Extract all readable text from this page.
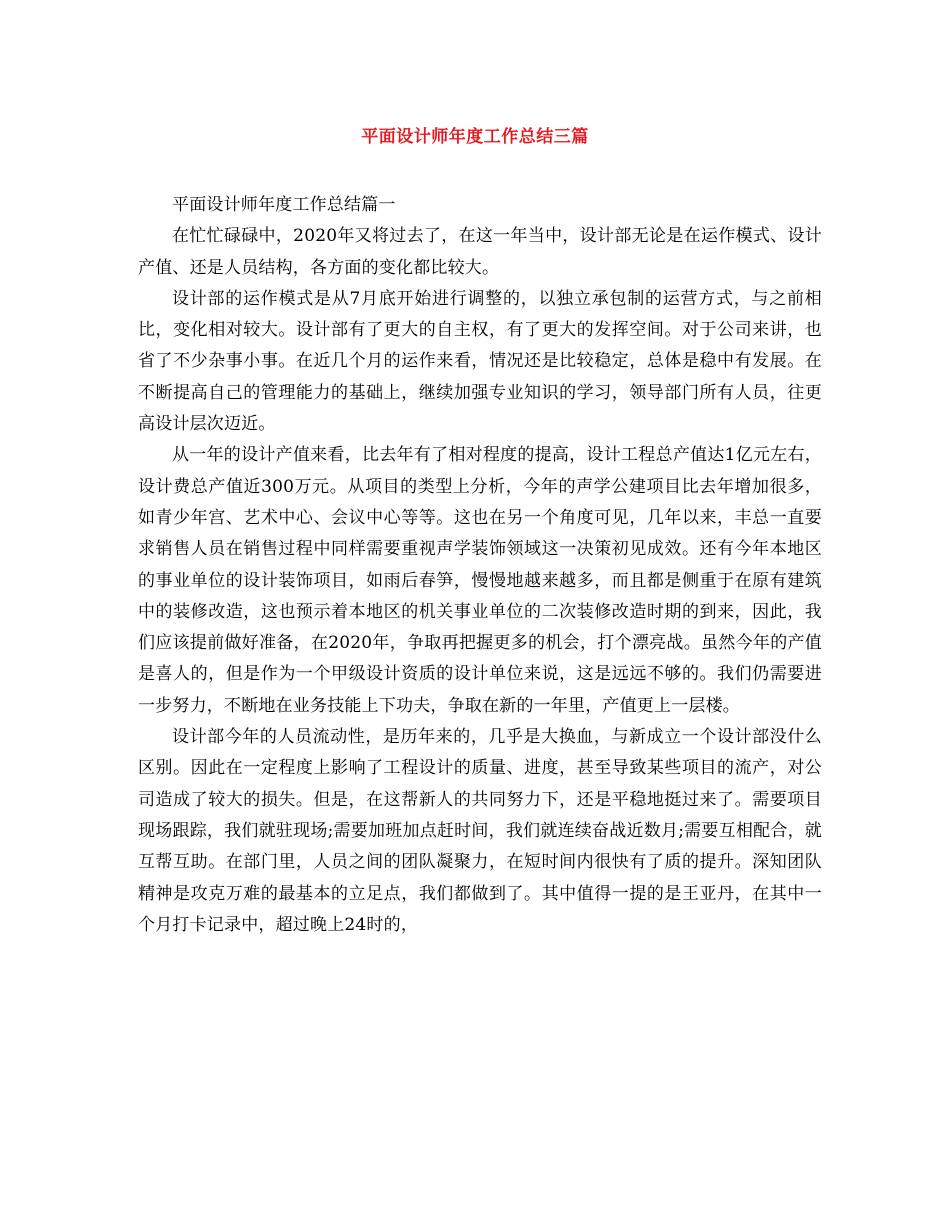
平面设计师年度工作总结三篇

平面设计师年度工作总结篇一

在忙忙碌碌中，2020年又将过去了，在这一年当中，设计部无论是在运作模式、设计产值、还是人员结构，各方面的变化都比较大。

设计部的运作模式是从7月底开始进行调整的，以独立承包制的运营方式，与之前相比，变化相对较大。设计部有了更大的自主权，有了更大的发挥空间。对于公司来讲，也省了不少杂事小事。在近几个月的运作来看，情况还是比较稳定，总体是稳中有发展。在不断提高自己的管理能力的基础上，继续加强专业知识的学习，领导部门所有人员，往更高设计层次迈近。

从一年的设计产值来看，比去年有了相对程度的提高，设计工程总产值达1亿元左右，设计费总产值近300万元。从项目的类型上分析，今年的声学公建项目比去年增加很多，如青少年宫、艺术中心、会议中心等等。这也在另一个角度可见，几年以来，丰总一直要求销售人员在销售过程中同样需要重视声学装饰领域这一决策初见成效。还有今年本地区的事业单位的设计装饰项目，如雨后春笋，慢慢地越来越多，而且都是侧重于在原有建筑中的装修改造，这也预示着本地区的机关事业单位的二次装修改造时期的到来，因此，我们应该提前做好准备，在2020年，争取再把握更多的机会，打个漂亮战。虽然今年的产值是喜人的，但是作为一个甲级设计资质的设计单位来说，这是远远不够的。我们仍需要进一步努力，不断地在业务技能上下功夫，争取在新的一年里，产值更上一层楼。

设计部今年的人员流动性，是历年来的，几乎是大换血，与新成立一个设计部没什么区别。因此在一定程度上影响了工程设计的质量、进度，甚至导致某些项目的流产，对公司造成了较大的损失。但是，在这帮新人的共同努力下，还是平稳地挺过来了。需要项目现场跟踪，我们就驻现场;需要加班加点赶时间，我们就连续奋战近数月;需要互相配合，就互帮互助。在部门里，人员之间的团队凝聚力，在短时间内很快有了质的提升。深知团队精神是攻克万难的最基本的立足点，我们都做到了。其中值得一提的是王亚丹，在其中一个月打卡记录中，超过晚上24时的，
